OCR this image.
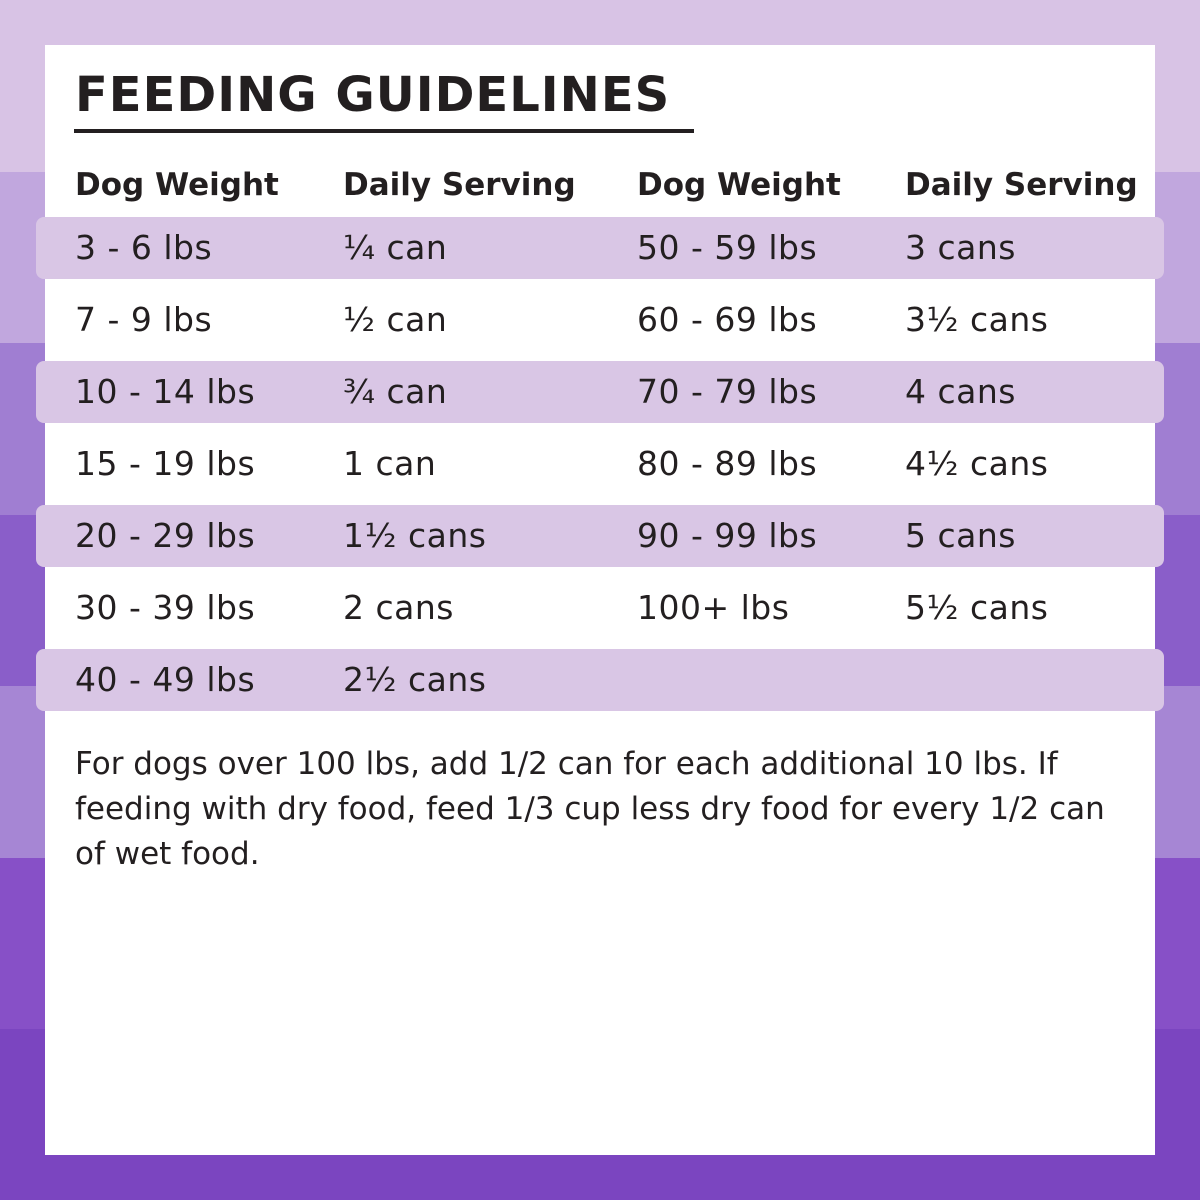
FEEDING GUIDELINES
Dog Weight Daily Serving Dog Weight Daily Serving
3 - 6 lbs	¼ can	50 - 59 lbs	3 cans
7 - 9 lbs	½ can	60 - 69 lbs	3½ cans
10 - 14 lbs	¾ can	70 - 79 lbs	4 cans
15 - 19 lbs	1 can	80 - 89 lbs	4½ cans
20 - 29 lbs	1½ cans	90 - 99 lbs	5 cans
30 - 39 lbs	2 cans	100+ lbs	5½ cans
40 - 49 lbs	2½ cans

For dogs over 100 lbs, add 1/2 can for each additional 10 lbs. If feeding with dry food, feed 1/3 cup less dry food for every 1/2 can of wet food.
